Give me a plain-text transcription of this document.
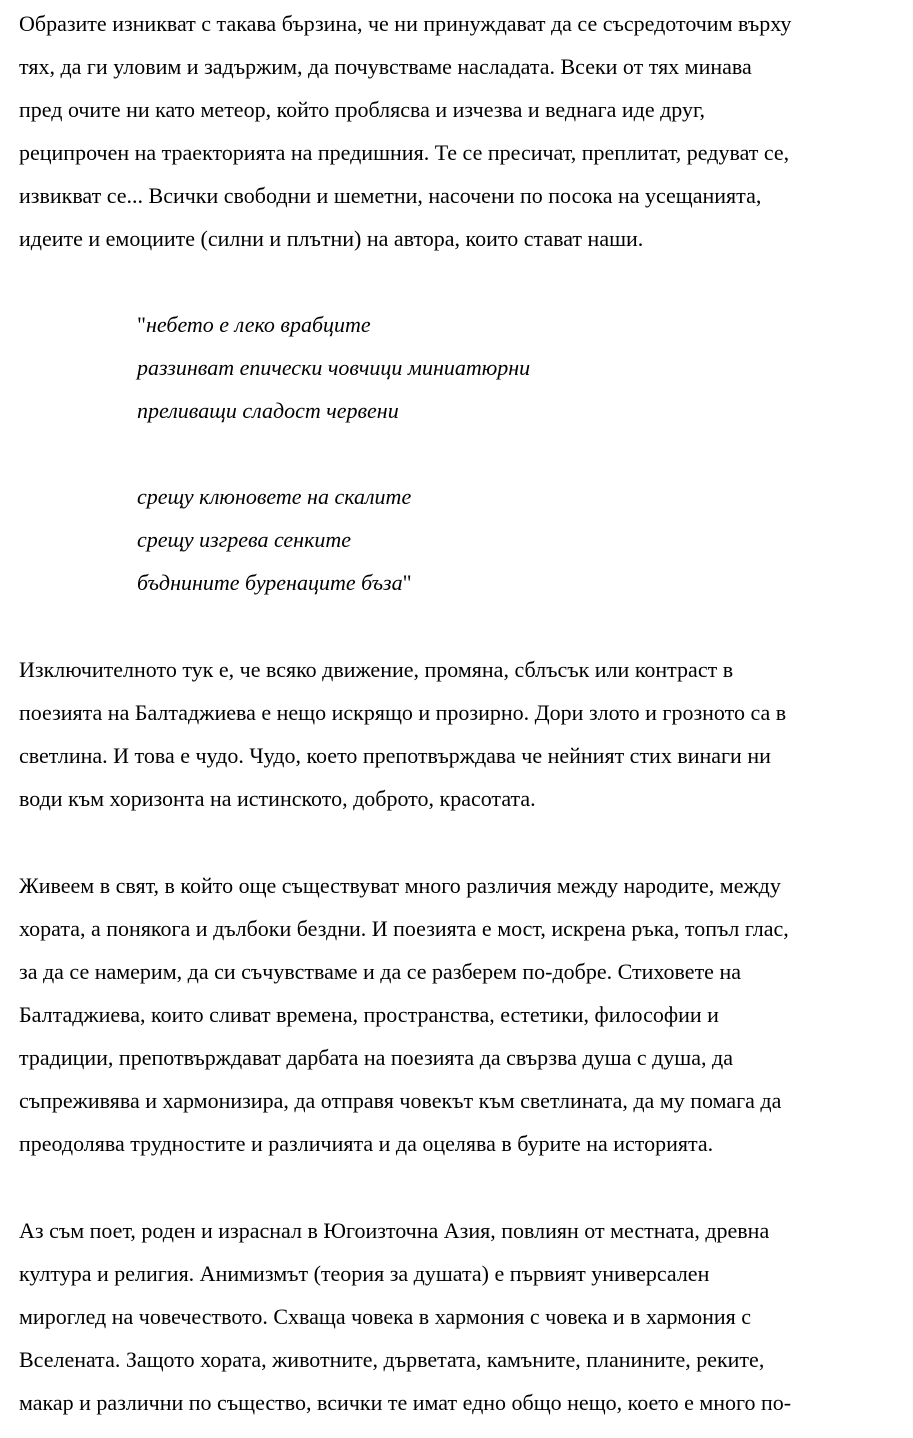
Образите изникват с такава бързина, че ни принуждават да се съсредоточим върху
тях, да ги уловим и задържим, да почувстваме насладата. Всеки от тях минава
пред очите ни като метеор, който проблясва и изчезва и веднага иде друг,
реципрочен на траекторията на предишния. Те се пресичат, преплитат, редуват се,
извикват се... Всички свободни и шеметни, насочени по посока на усещанията,
идеите и емоциите (силни и плътни) на автора, които стават наши.
"небето е леко врабците
раззинват епически човчици миниатюрни
преливащи сладост червени
срещу клюновете на скалите
срещу изгрева сенките
бъднините буренаците бъза"
Изключителното тук е, че всяко движение, промяна, сблъсък или контраст в
поезията на Балтаджиева е нещо искрящо и прозирно. Дори злото и грозното са в
светлина. И това е чудо. Чудо, което препотвърждава че нейният стих винаги ни
води към хоризонта на истинското, доброто, красотата.
Живеем в свят, в който още съществуват много различия между народите, между
хората, а понякога и дълбоки бездни. И поезията е мост, искрена ръка, топъл глас,
за да се намерим, да си съчувстваме и да се разберем по-добре. Стиховете на
Балтаджиева, които сливат времена, пространства, естетики, философии и
традиции, препотвърждават дарбата на поезията да свързва душа с душа, да
съпреживява и хармонизира, да отправя човекът към светлината, да му помага да
преодолява трудностите и различията и да оцелява в бурите на историята.
Аз съм поет, роден и израснал в Югоизточна Азия, повлиян от местната, древна
култура и религия. Анимизмът (теория за душата) е първият универсален
мироглед на човечеството. Схваща човека в хармония с човека и в хармония с
Вселената. Защото хората, животните, дърветата, камъните, планините, реките,
макар и различни по същество, всички те имат едно общо нещо, което е много по-
